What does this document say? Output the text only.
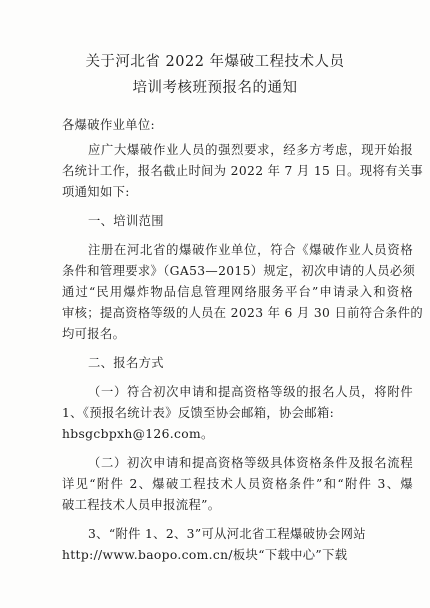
关于河北省 2022 年爆破工程技术人员
培训考核班预报名的通知
各爆破作业单位:
应广大爆破作业人员的强烈要求，经多方考虑，现开始报
名统计工作，报名截止时间为 2022 年 7 月 15 日。现将有关事
项通知如下:
一、培训范围
注册在河北省的爆破作业单位，符合《爆破作业人员资格
条件和管理要求》（GA53—2015）规定，初次申请的人员必须
通过“民用爆炸物品信息管理网络服务平台”申请录入和资格
审核；提高资格等级的人员在 2023 年 6 月 30 日前符合条件的
均可报名。
二、报名方式
（一）符合初次申请和提高资格等级的报名人员，将附件
1、《预报名统计表》反馈至协会邮箱，协会邮箱:
hbsgcbpxh@126.com。
（二）初次申请和提高资格等级具体资格条件及报名流程
详见“附件 2、爆破工程技术人员资格条件”和“附件 3、爆
破工程技术人员申报流程”。
3、“附件 1、2、3”可从河北省工程爆破协会网站
http://www.baopo.com.cn/板块“下载中心”下载
